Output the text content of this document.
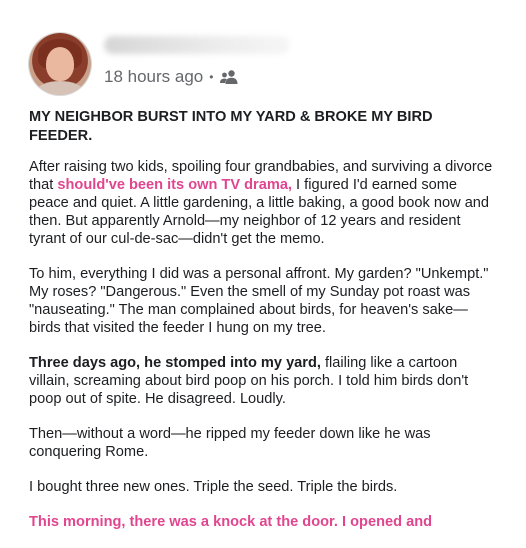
18 hours ago •

MY NEIGHBOR BURST INTO MY YARD & BROKE MY BIRD FEEDER.

After raising two kids, spoiling four grandbabies, and surviving a divorce that should've been its own TV drama, I figured I'd earned some peace and quiet. A little gardening, a little baking, a good book now and then. But apparently Arnold—my neighbor of 12 years and resident tyrant of our cul-de-sac—didn't get the memo.

To him, everything I did was a personal affront. My garden? "Unkempt." My roses? "Dangerous." Even the smell of my Sunday pot roast was "nauseating." The man complained about birds, for heaven's sake—birds that visited the feeder I hung on my tree.

Three days ago, he stomped into my yard, flailing like a cartoon villain, screaming about bird poop on his porch. I told him birds don't poop out of spite. He disagreed. Loudly.

Then—without a word—he ripped my feeder down like he was conquering Rome.

I bought three new ones. Triple the seed. Triple the birds.

This morning, there was a knock at the door. I opened and
